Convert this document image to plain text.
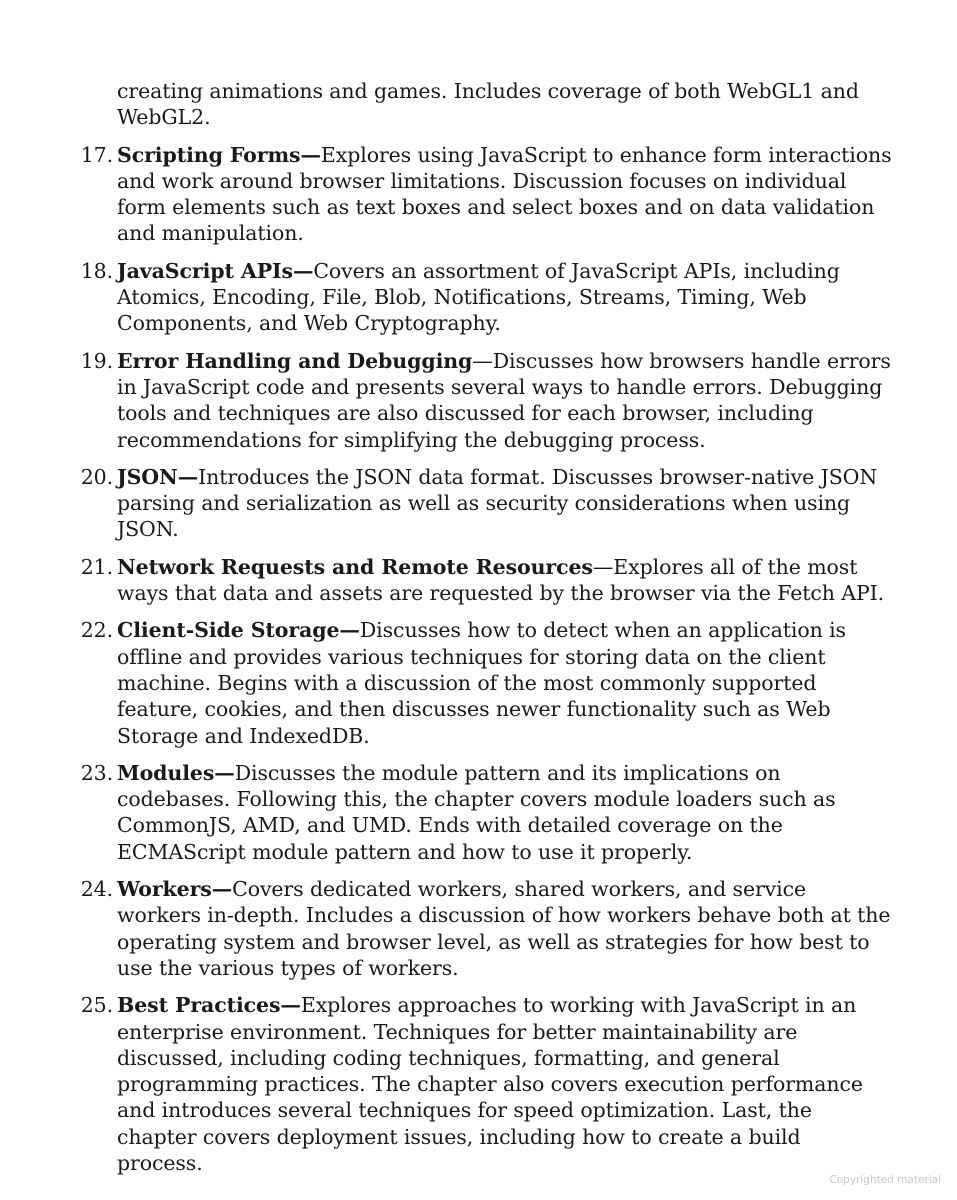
creating animations and games. Includes coverage of both WebGL1 and WebGL2.
17. Scripting Forms—Explores using JavaScript to enhance form interactions and work around browser limitations. Discussion focuses on individual form elements such as text boxes and select boxes and on data validation and manipulation.
18. JavaScript APIs—Covers an assortment of JavaScript APIs, including Atomics, Encoding, File, Blob, Notifications, Streams, Timing, Web Components, and Web Cryptography.
19. Error Handling and Debugging—Discusses how browsers handle errors in JavaScript code and presents several ways to handle errors. Debugging tools and techniques are also discussed for each browser, including recommendations for simplifying the debugging process.
20. JSON—Introduces the JSON data format. Discusses browser-native JSON parsing and serialization as well as security considerations when using JSON.
21. Network Requests and Remote Resources—Explores all of the most ways that data and assets are requested by the browser via the Fetch API.
22. Client-Side Storage—Discusses how to detect when an application is offline and provides various techniques for storing data on the client machine. Begins with a discussion of the most commonly supported feature, cookies, and then discusses newer functionality such as Web Storage and IndexedDB.
23. Modules—Discusses the module pattern and its implications on codebases. Following this, the chapter covers module loaders such as CommonJS, AMD, and UMD. Ends with detailed coverage on the ECMAScript module pattern and how to use it properly.
24. Workers—Covers dedicated workers, shared workers, and service workers in-depth. Includes a discussion of how workers behave both at the operating system and browser level, as well as strategies for how best to use the various types of workers.
25. Best Practices—Explores approaches to working with JavaScript in an enterprise environment. Techniques for better maintainability are discussed, including coding techniques, formatting, and general programming practices. The chapter also covers execution performance and introduces several techniques for speed optimization. Last, the chapter covers deployment issues, including how to create a build process.
Copyrighted material
